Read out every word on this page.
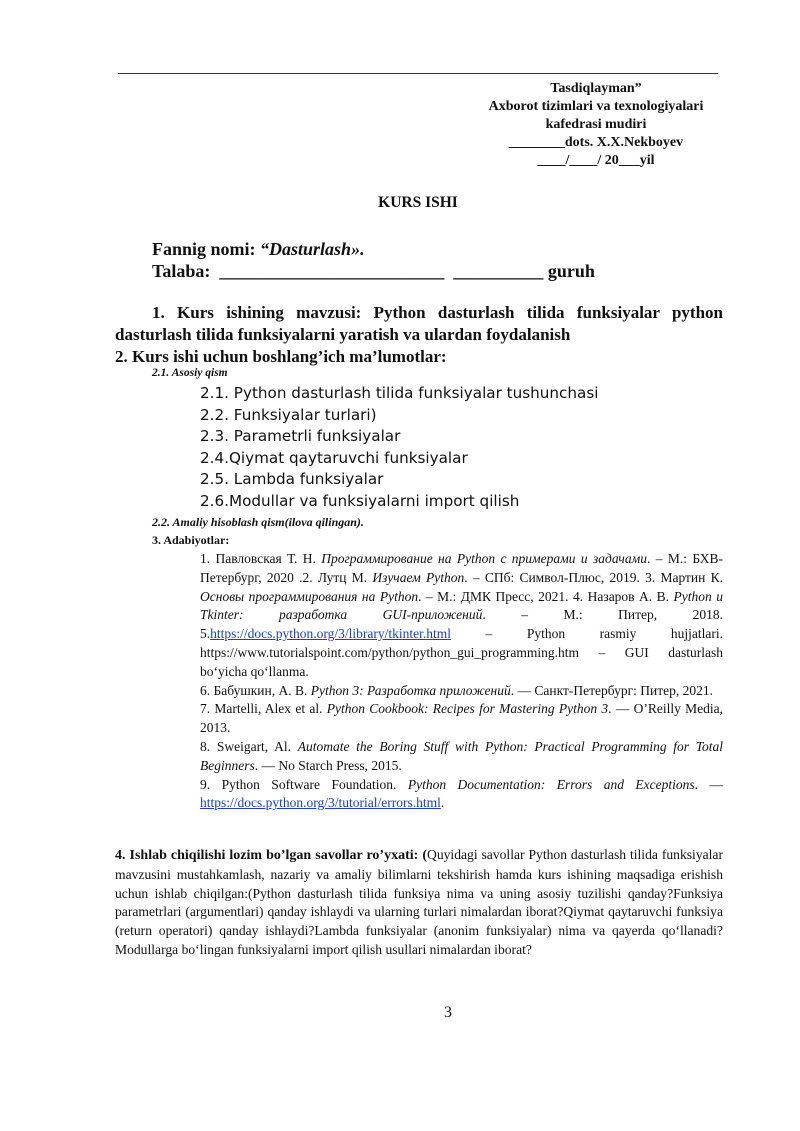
Tasdiqlayman”
Axborot tizimlari va texnologiyalari
kafedrasi mudiri
________dots. X.X.Nekboyev
____/____/ 20___yil
KURS ISHI
Fannig nomi: “Dasturlash».
Talaba:  _________________________  __________ guruh
1. Kurs ishining mavzusi: Python dasturlash tilida funksiyalar python dasturlash tilida funksiyalarni yaratish va ulardan foydalanish
2. Kurs ishi uchun boshlang’ich ma’lumotlar:
2.1. Asosiy qism
2.1. Python dasturlash tilida funksiyalar tushunchasi
2.2. Funksiyalar turlari)
2.3. Parametrli funksiyalar
2.4.Qiymat qaytaruvchi funksiyalar
2.5. Lambda funksiyalar
2.6.Modullar va funksiyalarni import qilish
2.2. Amaliy hisoblash qism(ilova qilingan).
3. Adabiyotlar:

1. Павловская Т. Н. Программирование на Python с примерами и задачами. – М.: БХВ-Петербург, 2020 .2. Лутц М. Изучаем Python. – СПб: Символ-Плюс, 2019. 3. Мартин К. Основы программирования на Python. – М.: ДМК Пресс, 2021. 4. Назаров А. В. Python и Tkinter: разработка GUI-приложений. – М.: Питер, 2018. 5.https://docs.python.org/3/library/tkinter.html – Python rasmiy hujjatlari. https://www.tutorialspoint.com/python/python_gui_programming.htm – GUI dasturlash bo‘yicha qo‘llanma.

6. Бабушкин, А. В. Python 3: Разработка приложений. — Санкт-Петербург: Питер, 2021.

7. Martelli, Alex et al. Python Cookbook: Recipes for Mastering Python 3. — O’Reilly Media, 2013.

8. Sweigart, Al. Automate the Boring Stuff with Python: Practical Programming for Total Beginners. — No Starch Press, 2015.

9. Python Software Foundation. Python Documentation: Errors and Exceptions. — https://docs.python.org/3/tutorial/errors.html.

4. Ishlab chiqilishi lozim bo’lgan savollar ro’yxati: (Quyidagi savollar Python dasturlash tilida funksiyalar mavzusini mustahkamlash, nazariy va amaliy bilimlarni tekshirish hamda kurs ishining maqsadiga erishish uchun ishlab chiqilgan:(Python dasturlash tilida funksiya nima va uning asosiy tuzilishi qanday?Funksiya parametrlari (argumentlari) qanday ishlaydi va ularning turlari nimalardan iborat?Qiymat qaytaruvchi funksiya (return operatori) qanday ishlaydi?Lambda funksiyalar (anonim funksiyalar) nima va qayerda qo‘llanadi? Modullarga bo‘lingan funksiyalarni import qilish usullari nimalardan iborat?
3
